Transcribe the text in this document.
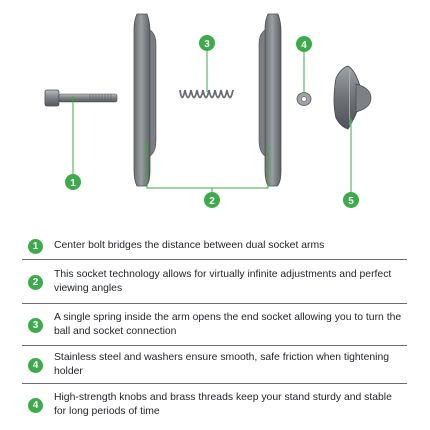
1
2
3	4
5
1	Center bolt bridges the distance between dual socket arms
2
This socket technology allows for virtually infinite adjustments and perfect viewing angles
3
A single spring inside the arm opens the end socket allowing you to turn the ball and socket connection
4
Stainless steel and washers ensure smooth, safe friction when tightening holder
4
High-strength knobs and brass threads keep your stand sturdy and stable for long periods of time
